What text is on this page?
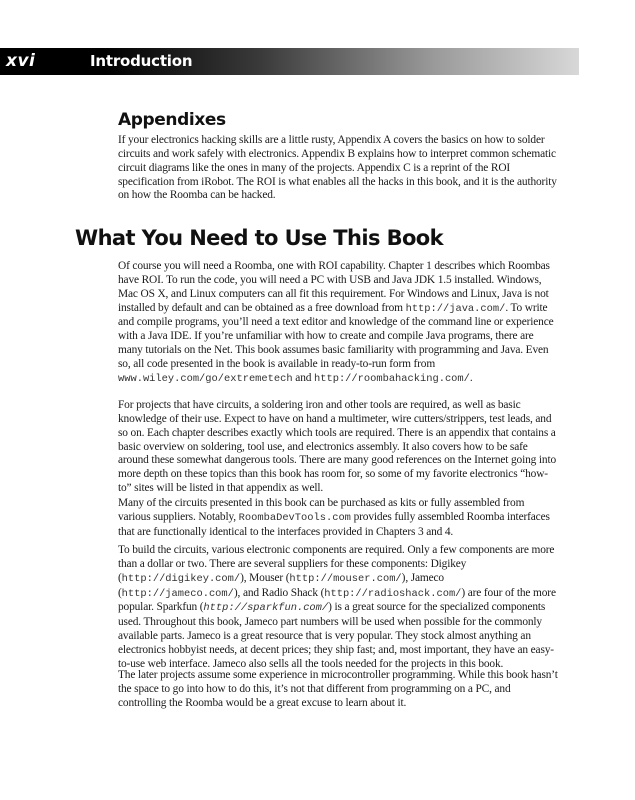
xvi	Introduction
Appendixes

If your electronics hacking skills are a little rusty, Appendix A covers the basics on how to solder circuits and work safely with electronics. Appendix B explains how to interpret common schematic circuit diagrams like the ones in many of the projects. Appendix C is a reprint of the ROI specification from iRobot. The ROI is what enables all the hacks in this book, and it is the authority on how the Roomba can be hacked.

What You Need to Use This Book

Of course you will need a Roomba, one with ROI capability. Chapter 1 describes which Roombas have ROI. To run the code, you will need a PC with USB and Java JDK 1.5 installed. Windows, Mac OS X, and Linux computers can all fit this requirement. For Windows and Linux, Java is not installed by default and can be obtained as a free download from http://java.com/. To write and compile programs, you’ll need a text editor and knowledge of the command line or experience with a Java IDE. If you’re unfamiliar with how to create and compile Java programs, there are many tutorials on the Net. This book assumes basic familiarity with programming and Java. Even so, all code presented in the book is available in ready-to-run form from www.wiley.com/go/extremetech and http://roombahacking.com/.

For projects that have circuits, a soldering iron and other tools are required, as well as basic knowledge of their use. Expect to have on hand a multimeter, wire cutters/strippers, test leads, and so on. Each chapter describes exactly which tools are required. There is an appendix that contains a basic overview on soldering, tool use, and electronics assembly. It also covers how to be safe around these somewhat dangerous tools. There are many good references on the Internet going into more depth on these topics than this book has room for, so some of my favorite electronics “how-to” sites will be listed in that appendix as well.

Many of the circuits presented in this book can be purchased as kits or fully assembled from various suppliers. Notably, RoombaDevTools.com provides fully assembled Roomba interfaces that are functionally identical to the interfaces provided in Chapters 3 and 4.

To build the circuits, various electronic components are required. Only a few components are more than a dollar or two. There are several suppliers for these components: Digikey (http://digikey.com/), Mouser (http://mouser.com/), Jameco (http://jameco.com/), and Radio Shack (http://radioshack.com/) are four of the more popular. Sparkfun (http://sparkfun.com/) is a great source for the specialized components used. Throughout this book, Jameco part numbers will be used when possible for the commonly available parts. Jameco is a great resource that is very popular. They stock almost anything an electronics hobbyist needs, at decent prices; they ship fast; and, most important, they have an easy-to-use web interface. Jameco also sells all the tools needed for the projects in this book.

The later projects assume some experience in microcontroller programming. While this book hasn’t the space to go into how to do this, it’s not that different from programming on a PC, and controlling the Roomba would be a great excuse to learn about it.
